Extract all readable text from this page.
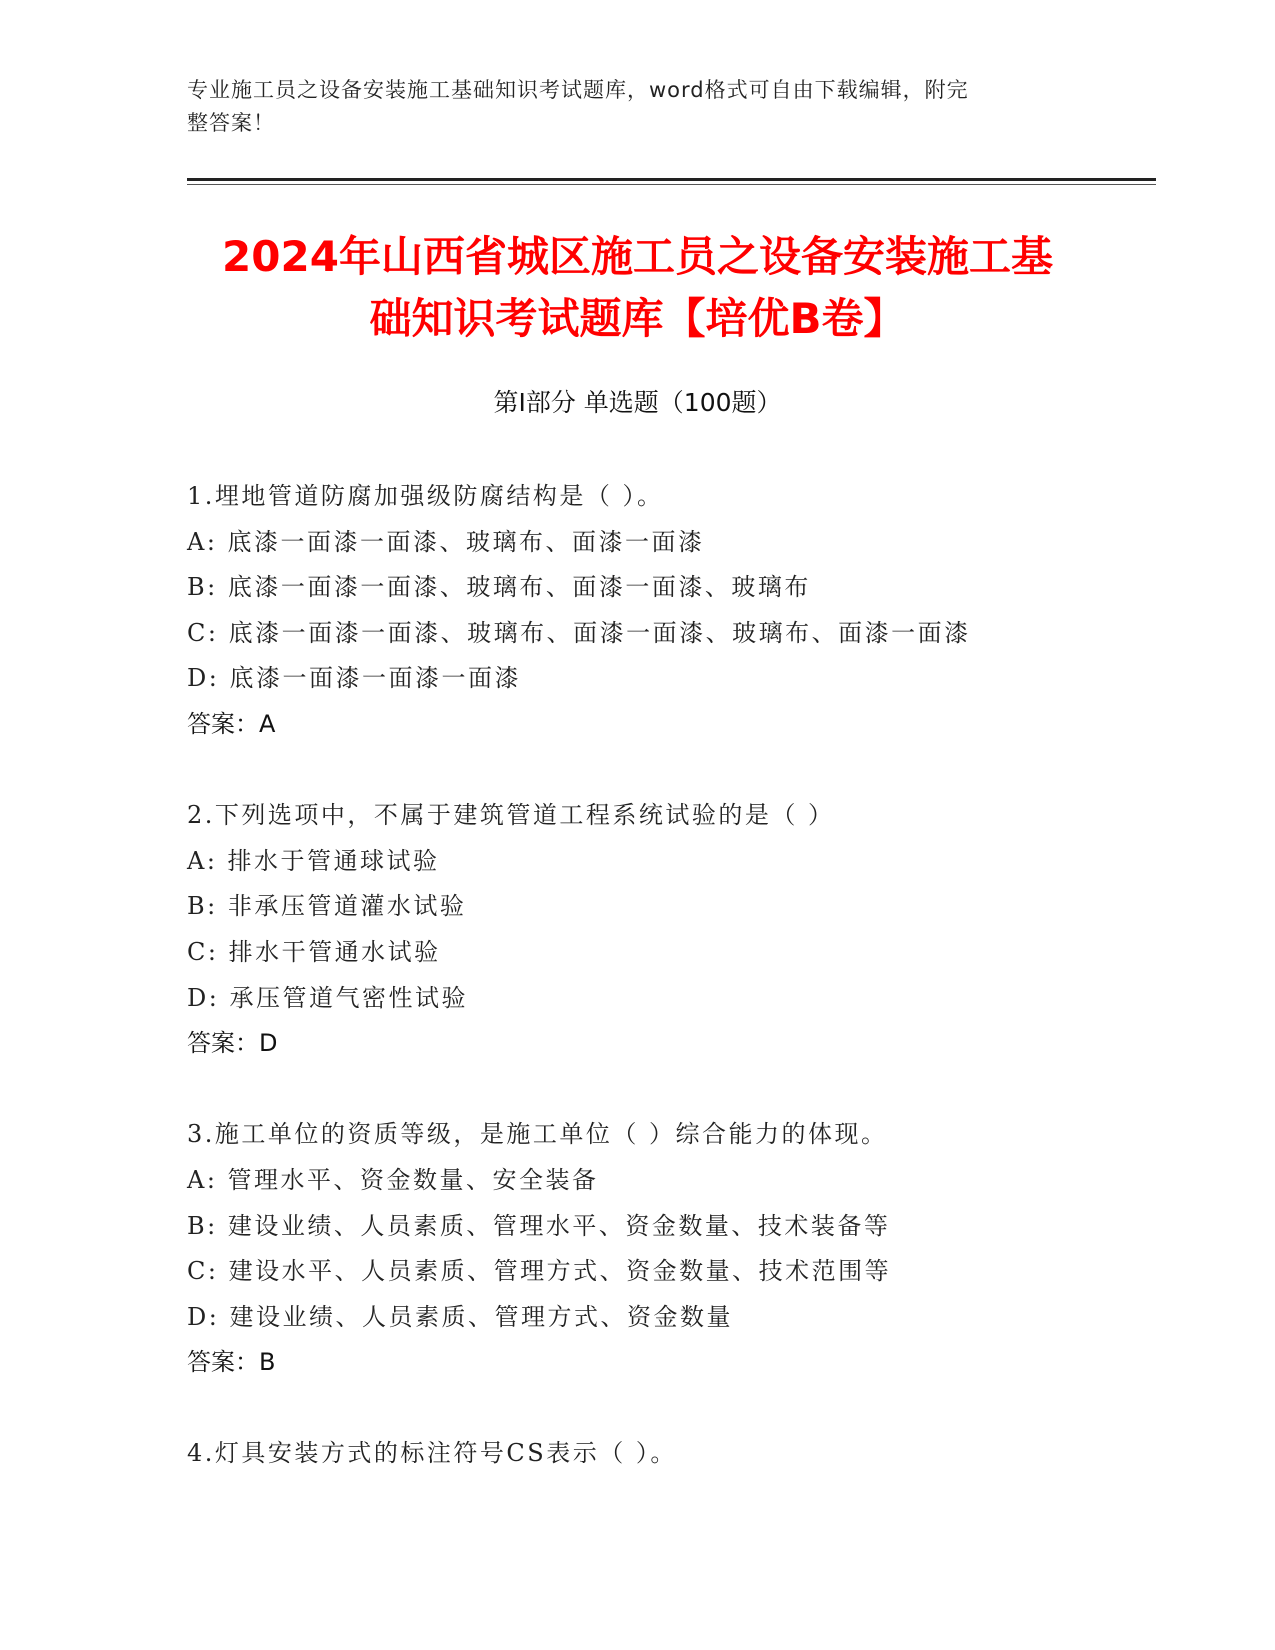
专业施工员之设备安装施工基础知识考试题库，word格式可自由下载编辑，附完
整答案！
2024年山西省城区施工员之设备安装施工基
础知识考试题库【培优B卷】
第Ⅰ部分 单选题（100题）
1.埋地管道防腐加强级防腐结构是（ ）。
A: 底漆一面漆一面漆、玻璃布、面漆一面漆
B: 底漆一面漆一面漆、玻璃布、面漆一面漆、玻璃布
C: 底漆一面漆一面漆、玻璃布、面漆一面漆、玻璃布、面漆一面漆
D: 底漆一面漆一面漆一面漆
答案：A
2.下列选项中，不属于建筑管道工程系统试验的是（ ）
A: 排水于管通球试验
B: 非承压管道灌水试验
C: 排水干管通水试验
D: 承压管道气密性试验
答案：D
3.施工单位的资质等级，是施工单位（ ）综合能力的体现。
A: 管理水平、资金数量、安全装备
B: 建设业绩、人员素质、管理水平、资金数量、技术装备等
C: 建设水平、人员素质、管理方式、资金数量、技术范围等
D: 建设业绩、人员素质、管理方式、资金数量
答案：B
4.灯具安装方式的标注符号CS表示（ ）。
